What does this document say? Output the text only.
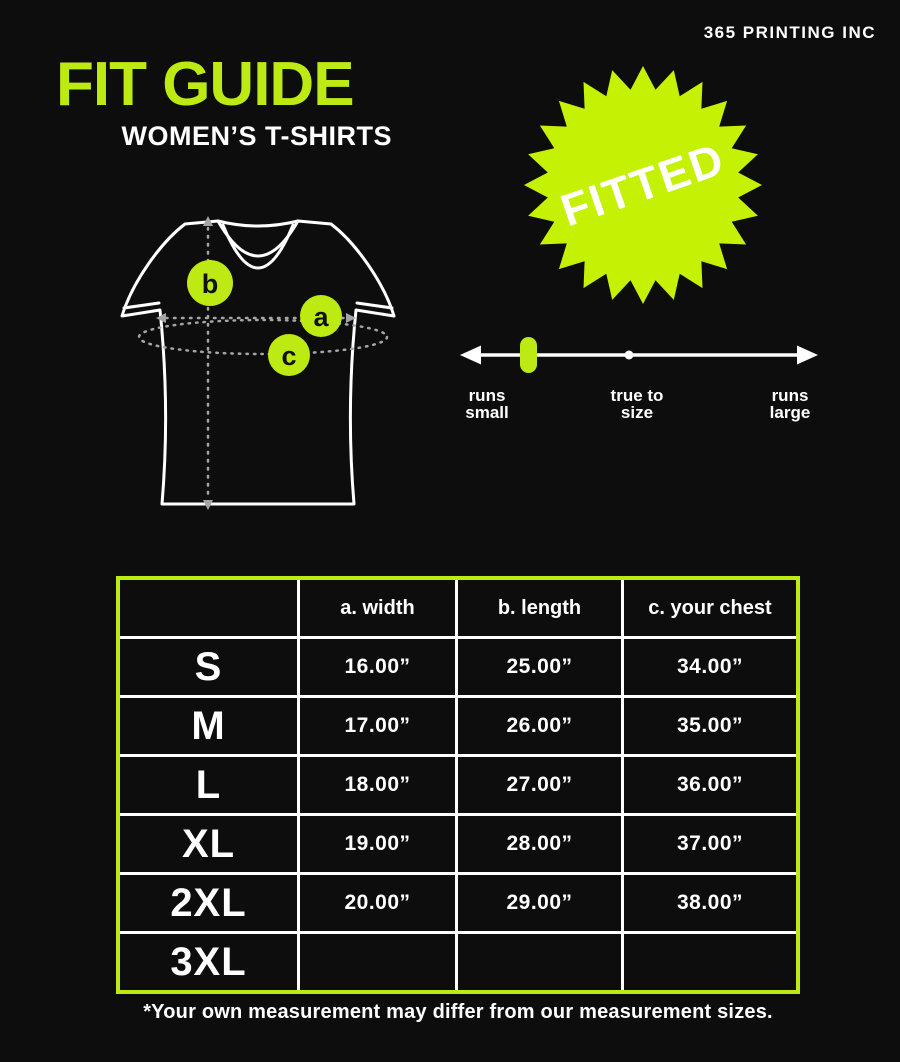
365 PRINTING INC
FIT GUIDE
WOMEN’S T-SHIRTS	FITTED
b
a
c
runs
small
true to
size
runs
large
a. width	b. length	c. your chest
S	16.00”	25.00”	34.00”
M	17.00”	26.00”	35.00”
L	18.00”	27.00”	36.00”
XL	19.00”	28.00”	37.00”
2XL	20.00”	29.00”	38.00”
3XL
*Your own measurement may differ from our measurement sizes.
